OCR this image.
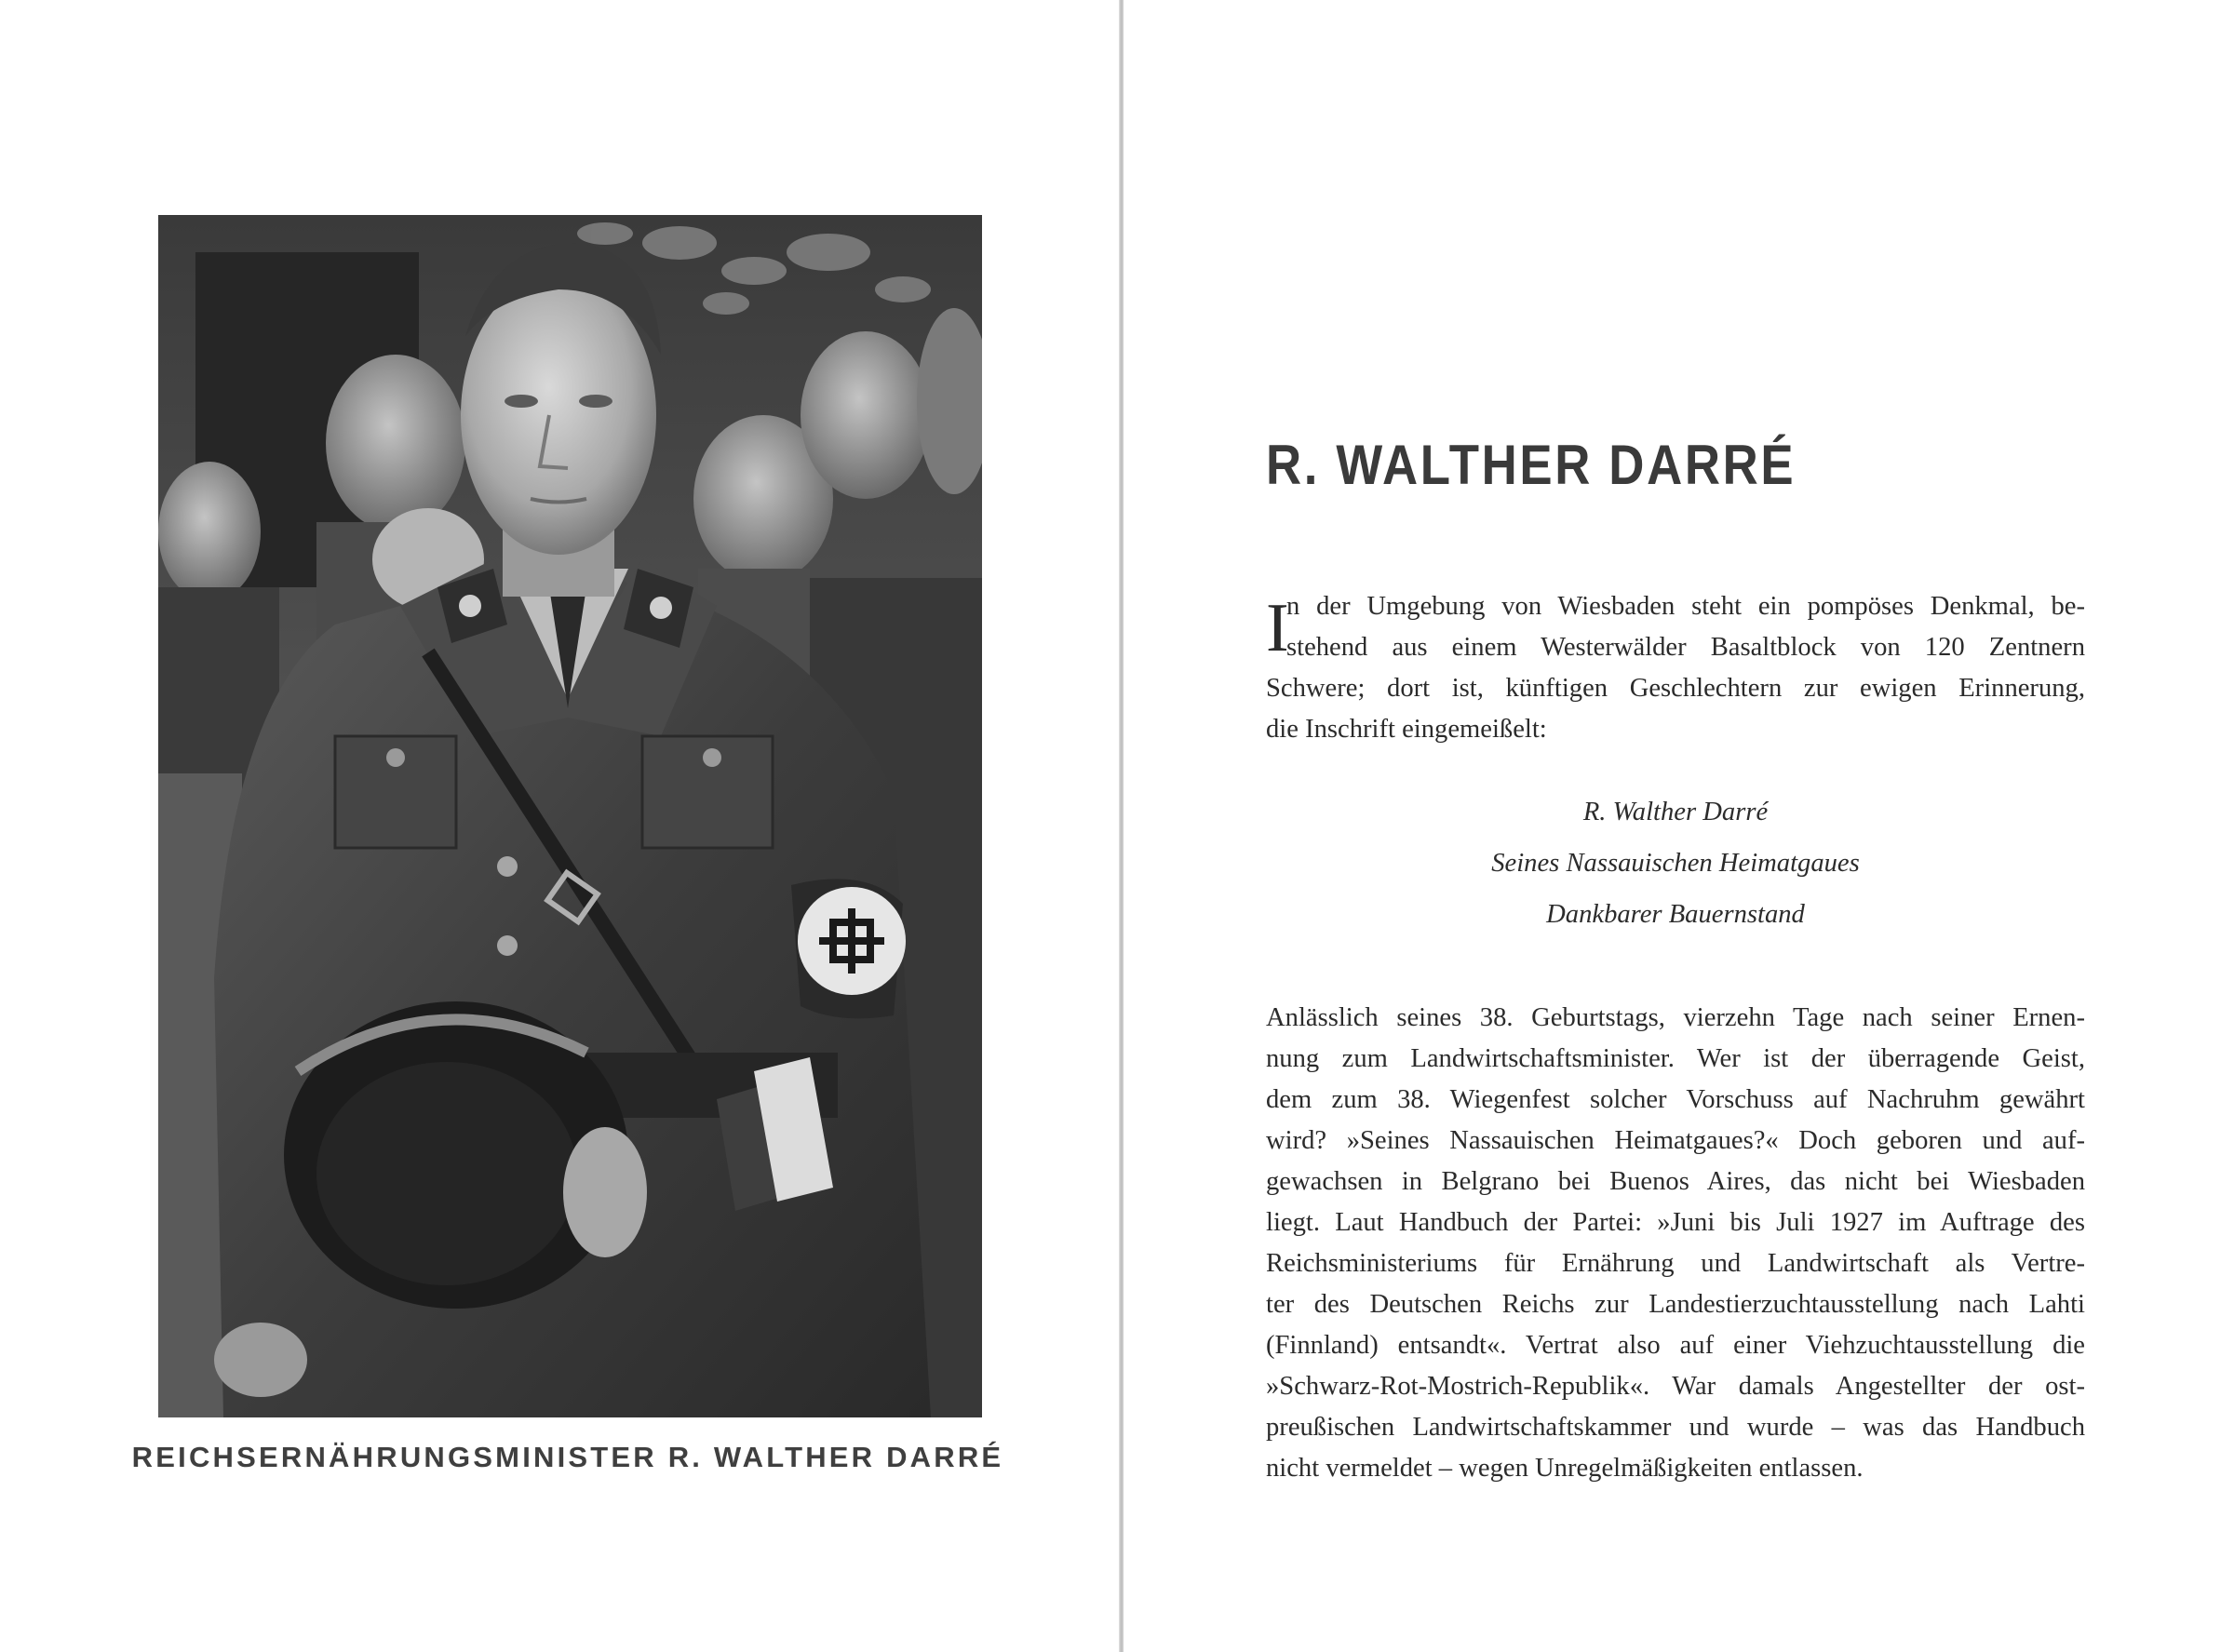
REICHSERNÄHRUNGSMINISTER R. WALTHER DARRÉ
R. WALTHER DARRÉ
I
n der Umgebung von Wiesbaden steht ein pompöses Denkmal, be-
stehend aus einem Westerwälder Basaltblock von 120 Zentnern
Schwere; dort ist, künftigen Geschlechtern zur ewigen Erinnerung,
die Inschrift eingemeißelt:
R. Walther Darré
Seines Nassauischen Heimatgaues
Dankbarer Bauernstand
Anlässlich seines 38. Geburtstags, vierzehn Tage nach seiner Ernen-
nung zum Landwirtschaftsminister. Wer ist der überragende Geist,
dem zum 38. Wiegenfest solcher Vorschuss auf Nachruhm gewährt
wird? »Seines Nassauischen Heimatgaues?« Doch geboren und auf-
gewachsen in Belgrano bei Buenos Aires, das nicht bei Wiesbaden
liegt. Laut Handbuch der Partei: »Juni bis Juli 1927 im Auftrage des
Reichsministeriums für Ernährung und Landwirtschaft als Vertre-
ter des Deutschen Reichs zur Landestierzuchtausstellung nach Lahti
(Finnland) entsandt«. Vertrat also auf einer Viehzuchtausstellung die
»Schwarz-Rot-Mostrich-Republik«. War damals Angestellter der ost-
preußischen Landwirtschaftskammer und wurde – was das Handbuch
nicht vermeldet – wegen Unregelmäßigkeiten entlassen.
